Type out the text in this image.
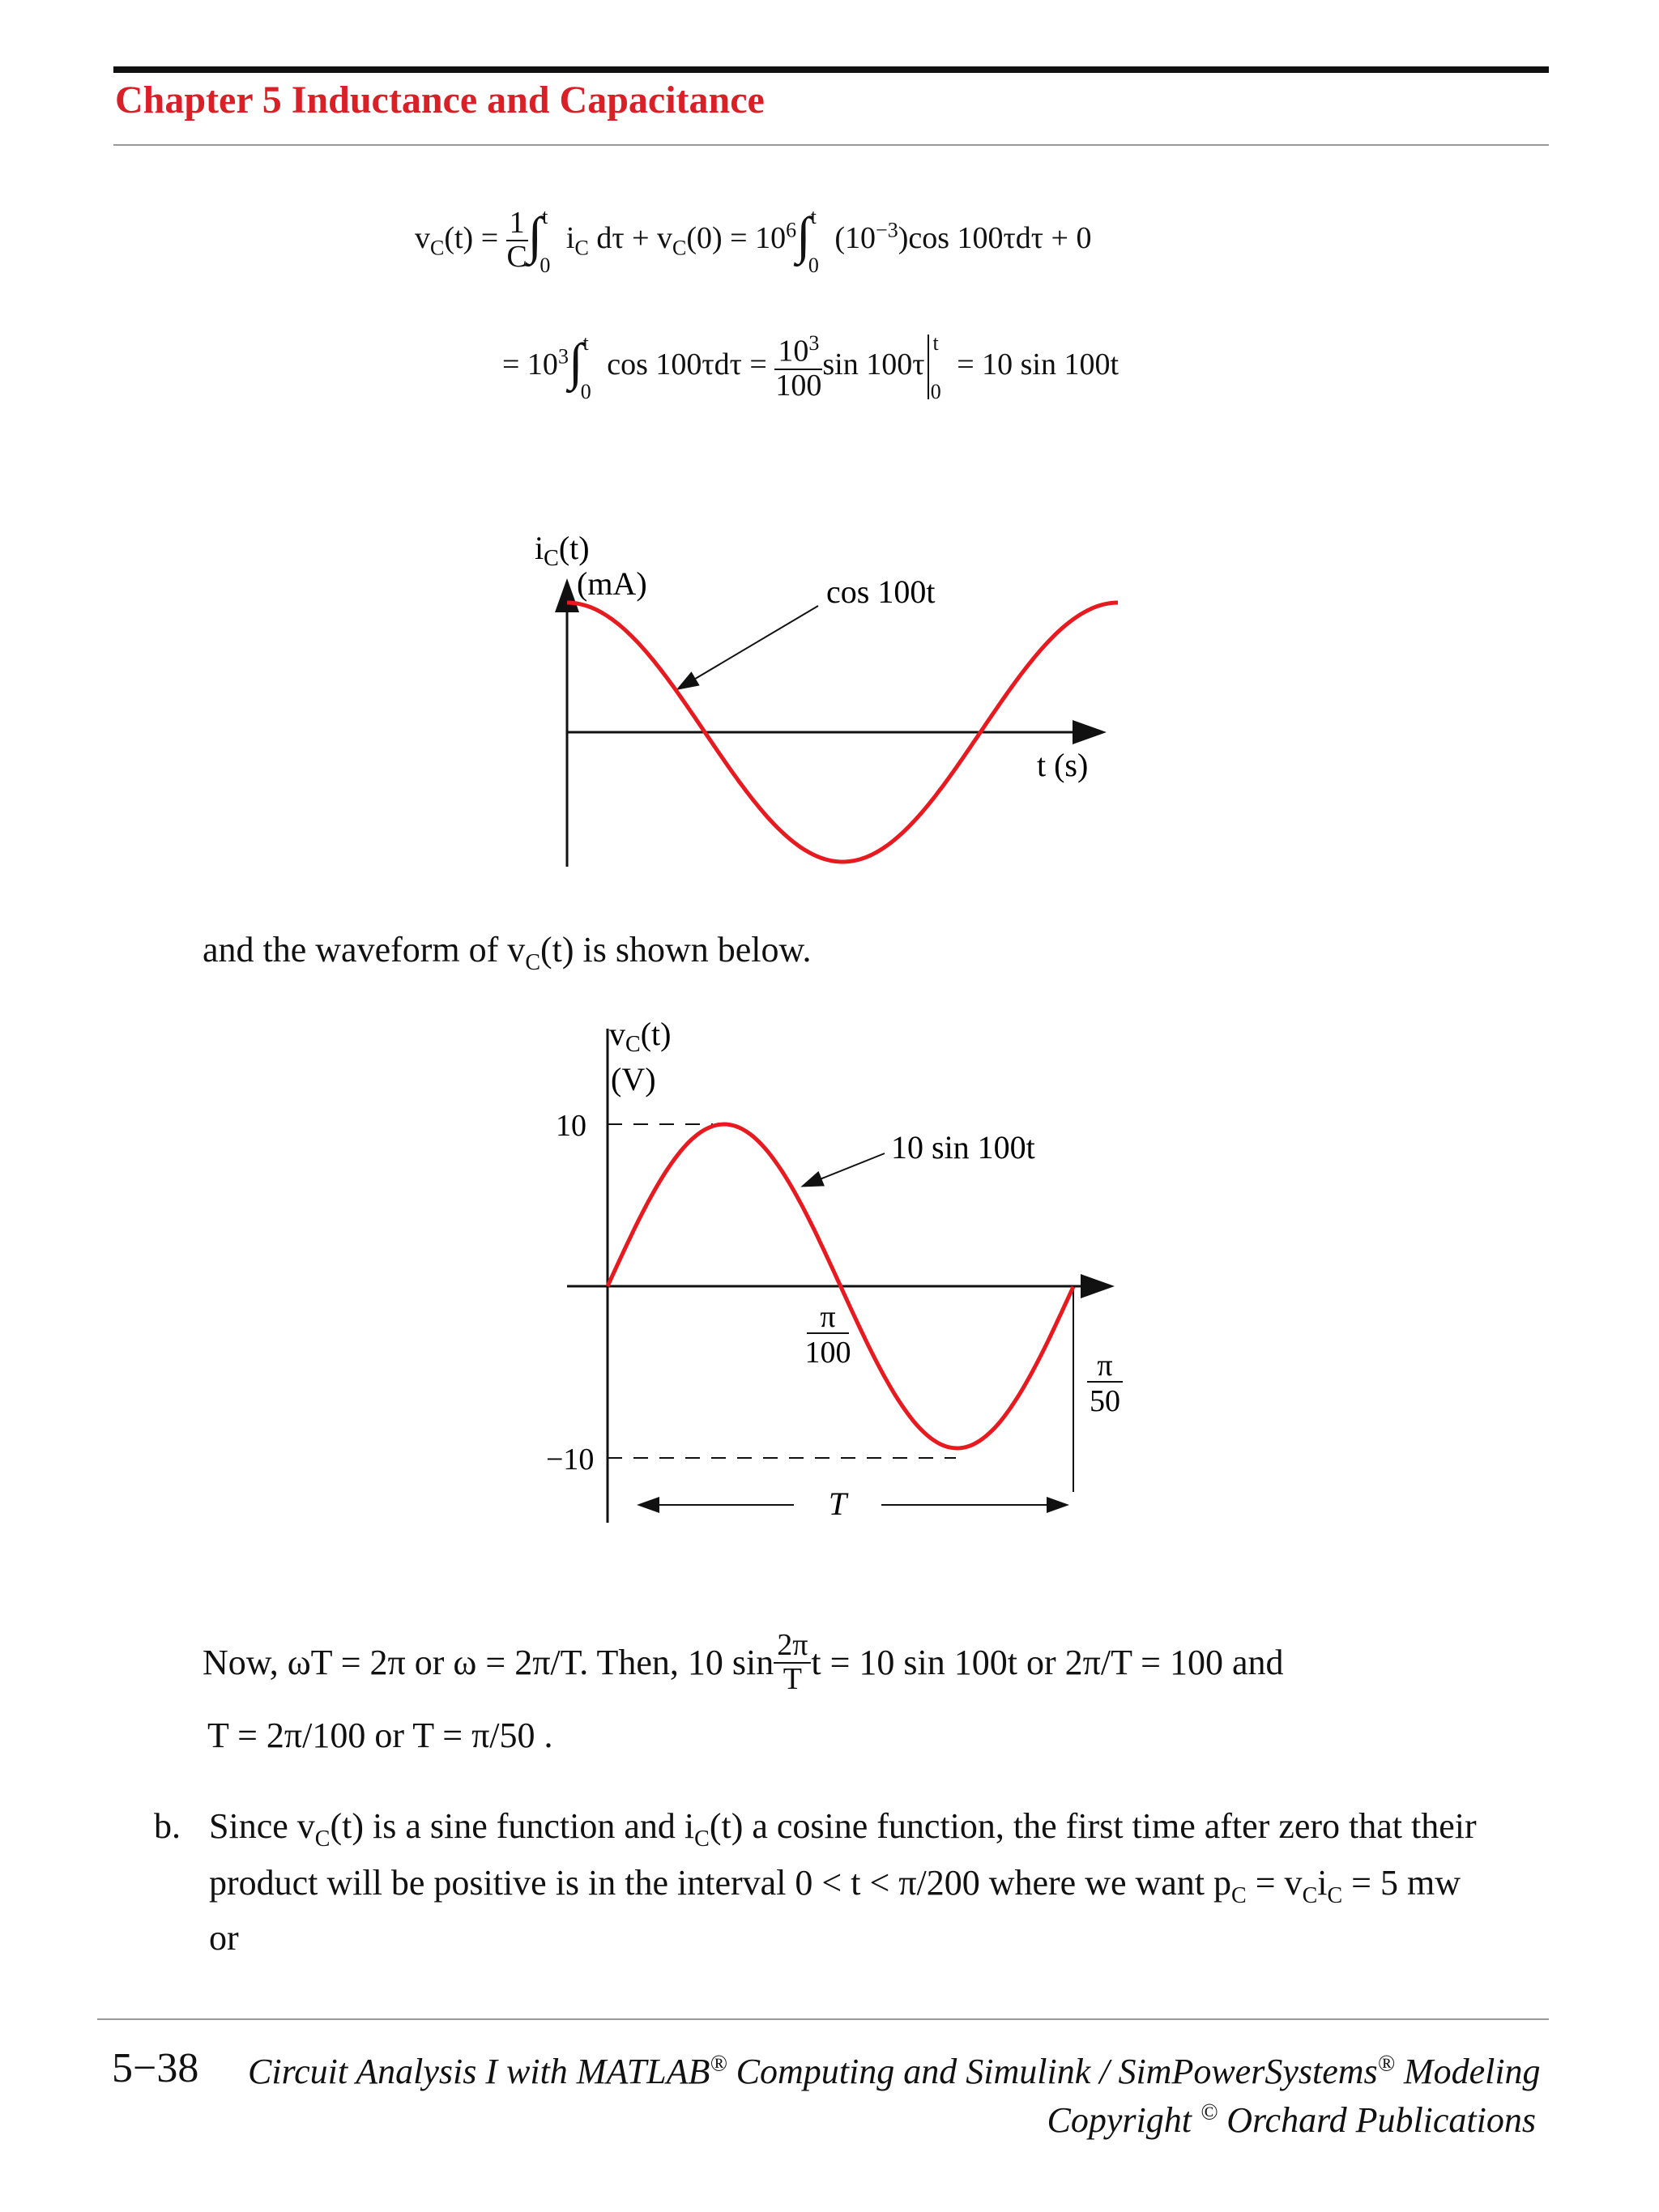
Chapter 5 Inductance and Capacitance
$v_C(t) = \frac{1}{C} \int^t_0$ $i_C$ $d\tau + v_C(0) = 10^6\int^t_0$ $(10^{-3})\cos$ 100τdτ + 0
= $10^3\int^t_0$ $\cos 100\tau d\tau = \frac{10^3}{100}$ $\sin 100\tau^t_0 = 10$ sin 100t
$i_C(t)$
(mA)
t (s)
cos 100t
and the waveform of $v_C(t)$ is shown below.
10
−10
$v_C(t)$
(V)
10 sin 100t
π
100	π
50
T
Now, ωT = 2π or ω = 2π/T. Then, 10 $\sin \frac{2\pi}{T}$ t = 10 sin 100t or 2π/T = 100 and
T = 2π/100 or T = π/50 .
b. Since $v_C(t)$ is a sine function and $i_C(t)$ a cosine function, the first time after zero that their
product will be positive is in the interval 0 < t < π/200 where we want $p_C = v_Ci_C = 5$ mw
or
5−38 Circuit Analysis I with MATLAB® Computing and Simulink / SimPowerSystems® Modeling
Copyright © Orchard Publications
